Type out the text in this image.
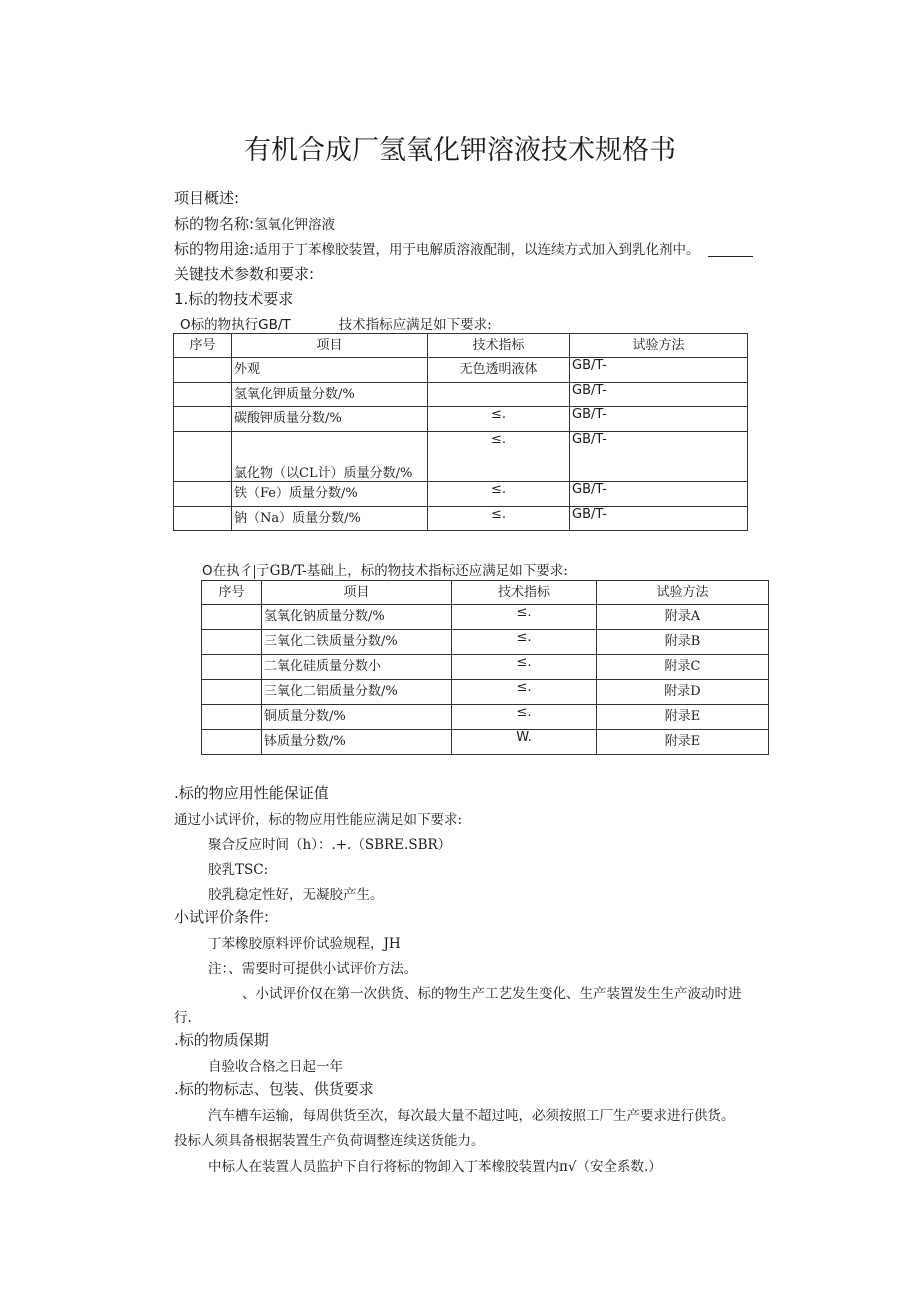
有机合成厂氢氧化钾溶液技术规格书
项目概述:
标的物名称:氢氧化钾溶液
标的物用途:适用于丁苯橡胶装置，用于电解质溶液配制，以连续方式加入到乳化剂中。
关键技术参数和要求:
1.标的物技术要求
O标的物执行GB/T	技术指标应满足如下要求:
序号	项目	技术指标	试验方法
	外观	无色透明液体	GB/T-
	氢氧化钾质量分数/%		GB/T-
	碳酸钾质量分数/%	≤.	GB/T-
	氯化物（以CL计）质量分数/%	≤.	GB/T-
	铁（Fe）质量分数/%	≤.	GB/T-
	钠（Na）质量分数/%	≤.	GB/T-
O在执彳 亍GB/T-基础上，标的物技术指标还应满足如下要求:
序号	项目	技术指标	试验方法
	氢氧化钠质量分数/%	≤.	附录A
	三氧化二铁质量分数/%	≤.	附录B
	二氧化硅质量分数小	≤.	附录C
	三氧化二铝质量分数/%	≤.	附录D
	铜质量分数/%	≤.	附录E
	钵质量分数/%	W.	附录E
.标的物应用性能保证值
通过小试评价，标的物应用性能应满足如下要求:
聚合反应时间（h）：.+.（SBRE.SBR）
胶乳TSC:
胶乳稳定性好，无凝胶产生。
小试评价条件:
丁苯橡胶原料评价试验规程，JH
注：、需要时可提供小试评价方法。
、小试评价仅在第一次供货、标的物生产工艺发生变化、生产装置发生生产波动时进
行.
.标的物质保期
自验收合格之日起一年
.标的物标志、包装、供货要求
汽车槽车运输，每周供货至次，每次最大量不超过吨，必须按照工厂生产要求进行供货。
投标人须具备根据装置生产负荷调整连续送货能力。
中标人在装置人员监护下自行将标的物卸入丁苯橡胶装置内π√（安全系数.）
